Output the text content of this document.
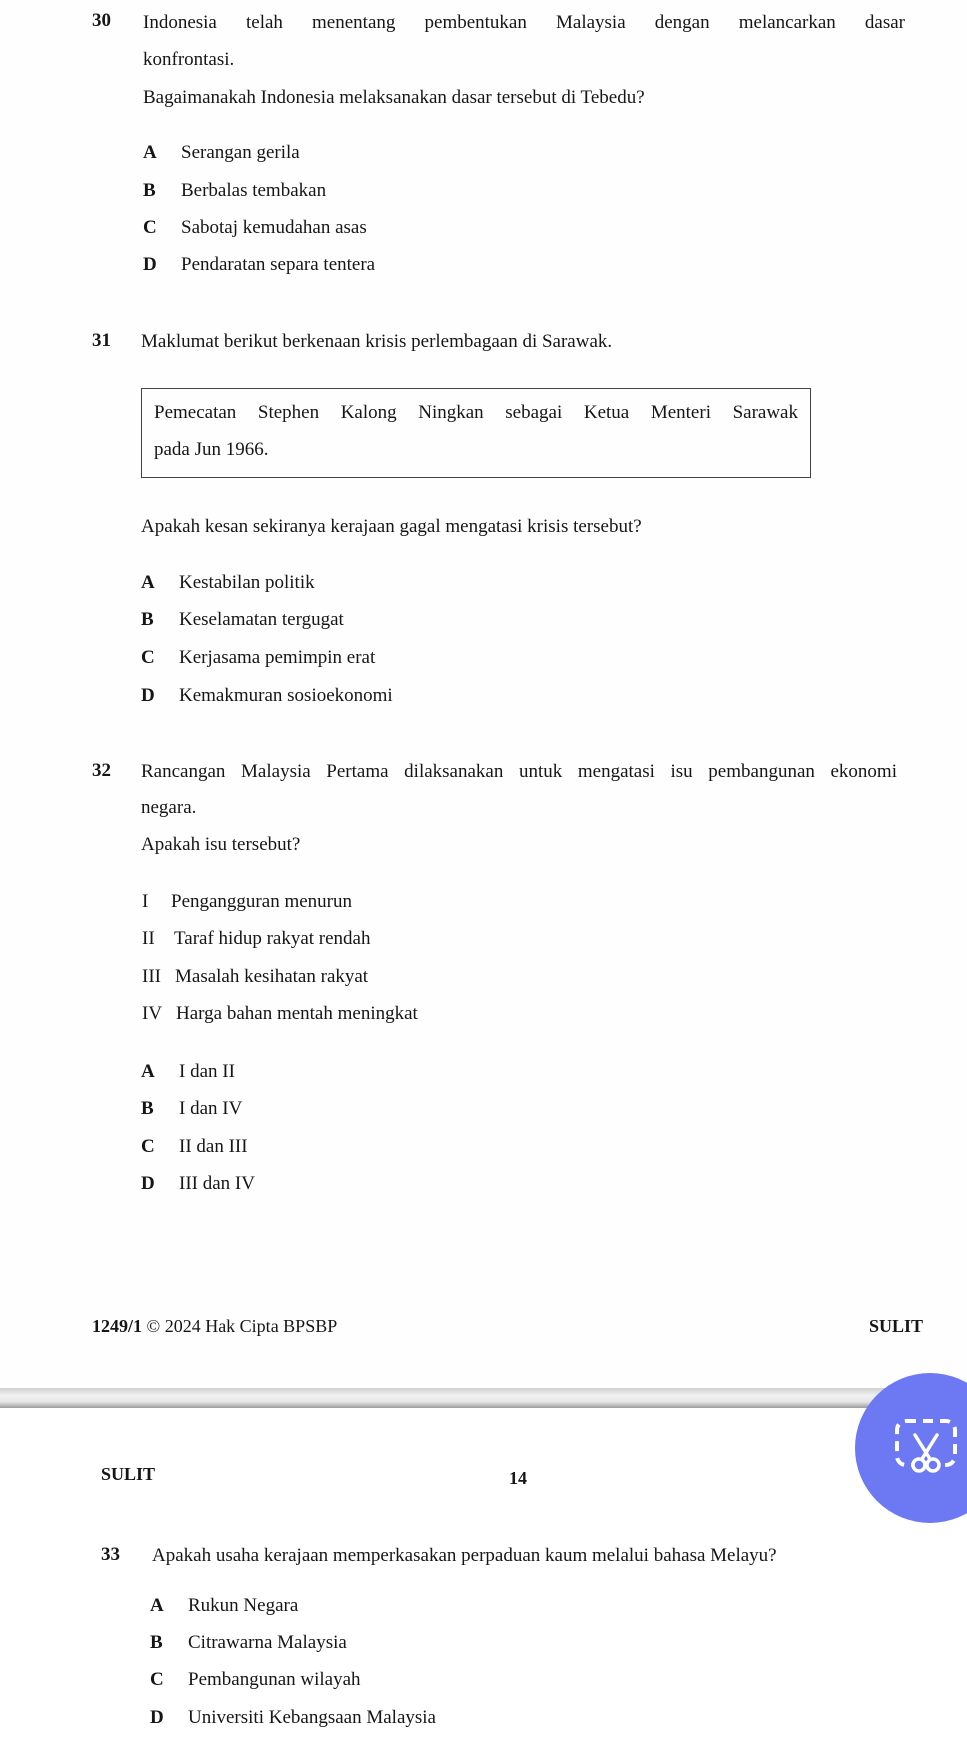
30 Indonesia telah menentang pembentukan Malaysia dengan melancarkan dasar
konfrontasi.
Bagaimanakah Indonesia melaksanakan dasar tersebut di Tebedu?
A Serangan gerila
B Berbalas tembakan
C Sabotaj kemudahan asas
D Pendaratan separa tentera
31 Maklumat berikut berkenaan krisis perlembagaan di Sarawak.
Pemecatan Stephen Kalong Ningkan sebagai Ketua Menteri Sarawak
pada Jun 1966.
Apakah kesan sekiranya kerajaan gagal mengatasi krisis tersebut?
A Kestabilan politik
B Keselamatan tergugat
C Kerjasama pemimpin erat
D Kemakmuran sosioekonomi
32 Rancangan Malaysia Pertama dilaksanakan untuk mengatasi isu pembangunan ekonomi
negara.
Apakah isu tersebut?
I Pengangguran menurun
II Taraf hidup rakyat rendah
III Masalah kesihatan rakyat
IV Harga bahan mentah meningkat
A I dan II
B I dan IV
C II dan III
D III dan IV
1249/1 © 2024 Hak Cipta BPSBP	SULIT
SULIT	14
33 Apakah usaha kerajaan memperkasakan perpaduan kaum melalui bahasa Melayu?
A Rukun Negara
B Citrawarna Malaysia
C Pembangunan wilayah
D Universiti Kebangsaan Malaysia
